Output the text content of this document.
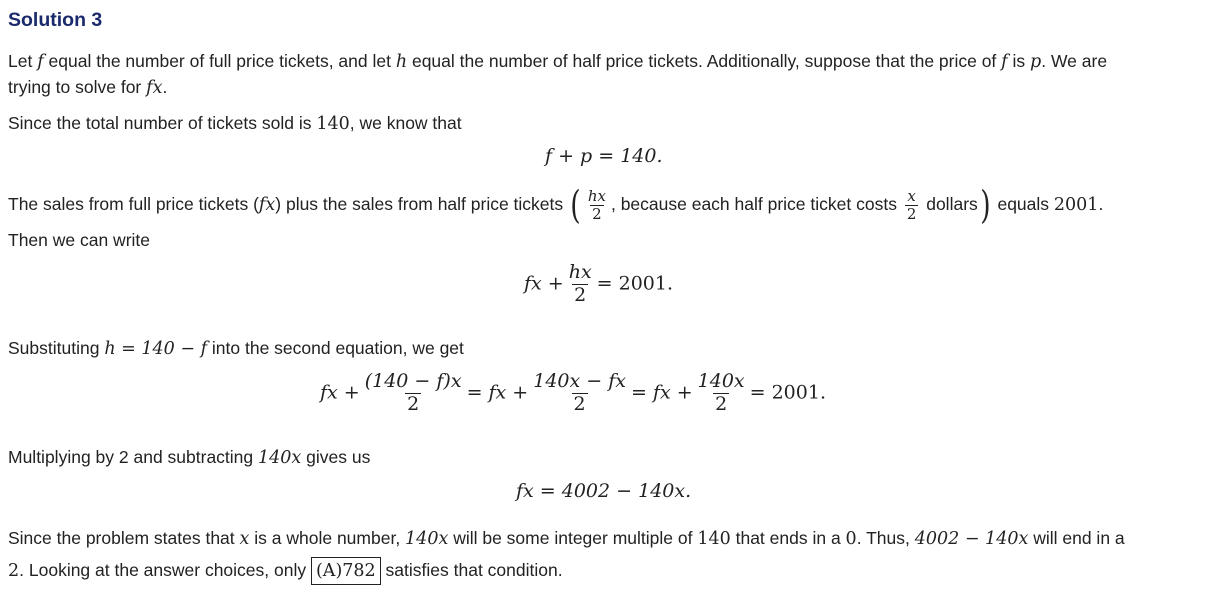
Solution 3
Let f equal the number of full price tickets, and let h equal the number of half price tickets. Additionally, suppose that the price of f is p. We are
trying to solve for fx.
Since the total number of tickets sold is 140, we know that
f + p = 140.
The sales from full price tickets (fx) plus the sales from half price tickets ( $\frac{hx}{2}$ , because each half price ticket costs $\frac{x}{2}$ dollars) equals 2001.
Then we can write
fx + $\frac{hx}{2} = 2001$.
Substituting h = 140 − f into the second equation, we get
fx + $\frac{(140 - f)x}{2}$ = fx + $\frac{140x - fx}{2}$ = fx + $\frac{140x}{2} = 2001$.
Multiplying by 2 and subtracting 140x gives us
fx = 4002 − 140x.
Since the problem states that x is a whole number, 140x will be some integer multiple of 140 that ends in a 0. Thus, 4002 − 140x will end in a
2. Looking at the answer choices, only (A)782 satisfies that condition.
